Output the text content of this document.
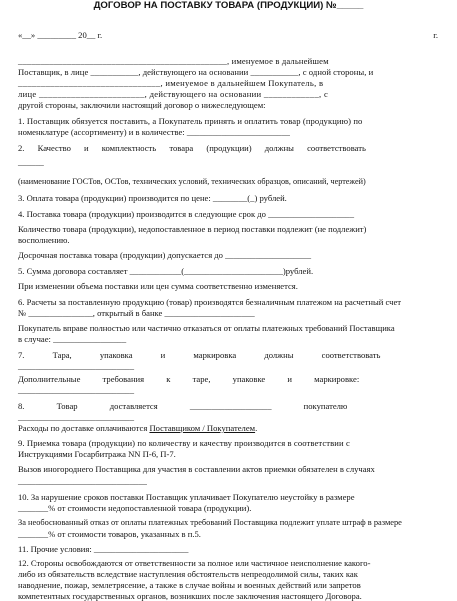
ДОГОВОР НА ПОСТАВКУ ТОВАРА (ПРОДУКЦИИ) №_____
«__» _________ 20__ г.	г.
_______________________________________________, именуемое в дальнейшем
Поставщик, в лице ___________, действующего на основании ___________, с одной стороны, и
_______________________________, именуемое в дальнейшем Покупатель, в
лице _______________________, действующего на основании ____________, с
другой стороны, заключили настоящий договор о нижеследующем:
1. Поставщик обязуется поставить, а Покупатель принять и оплатить товар (продукцию) по
номенклатуре (ассортименту) и в количестве: ________________________
2. Качество и комплектность товара (продукции) должны соответствовать
______
(наименование ГОСТов, ОСТов, технических условий, технических образцов, описаний, чертежей)
3. Оплата товара (продукции) производится по цене: ________(_) рублей.
4. Поставка товара (продукции) производится в следующие срок до ____________________
Количество товара (продукции), недопоставленное в период поставки подлежит (не подлежит)
восполнению.
Досрочная поставка товара (продукции) допускается до ____________________
5. Сумма договора составляет ____________(_______________________)рублей.
При изменении объема поставки или цен сумма соответственно изменяется.
6. Расчеты за поставленную продукцию (товар) производятся безналичным платежом на расчетный счет
№ _______________, открытый в банке _____________________
Покупатель вправе полностью или частично отказаться от оплаты платежных требований Поставщика
в случае: _________________
7. Тара, упаковка и маркировка должны соответствовать
___________________________
Дополнительные требования к таре, упаковке и маркировке:
___________________________
8. Товар доставляется ___________________ покупателю
___________________________
Расходы по доставке оплачиваются Поставщиком / Покупателем.
9. Приемка товара (продукции) по количеству и качеству производится в соответствии с
Инструкциями Госарбитража NN П-6, П-7.
Вызов иногороднего Поставщика для участия в составлении актов приемки обязателен в случаях
______________________________
10. За нарушение сроков поставки Поставщик уплачивает Покупателю неустойку в размере
_______% от стоимости недопоставленной товара (продукции).
За необоснованный отказ от оплаты платежных требований Поставщика подлежит уплате штраф в размере
_______% от стоимости товаров, указанных в п.5.
11. Прочие условия: ______________________
12. Стороны освобождаются от ответственности за полное или частичное неисполнение какого-
либо из обязательств вследствие наступления обстоятельств непреодолимой силы, таких как
наводнение, пожар, землетрясение, а также в случае войны и военных действий или запретов
компетентных государственных органов, возникших после заключения настоящего Договора.
